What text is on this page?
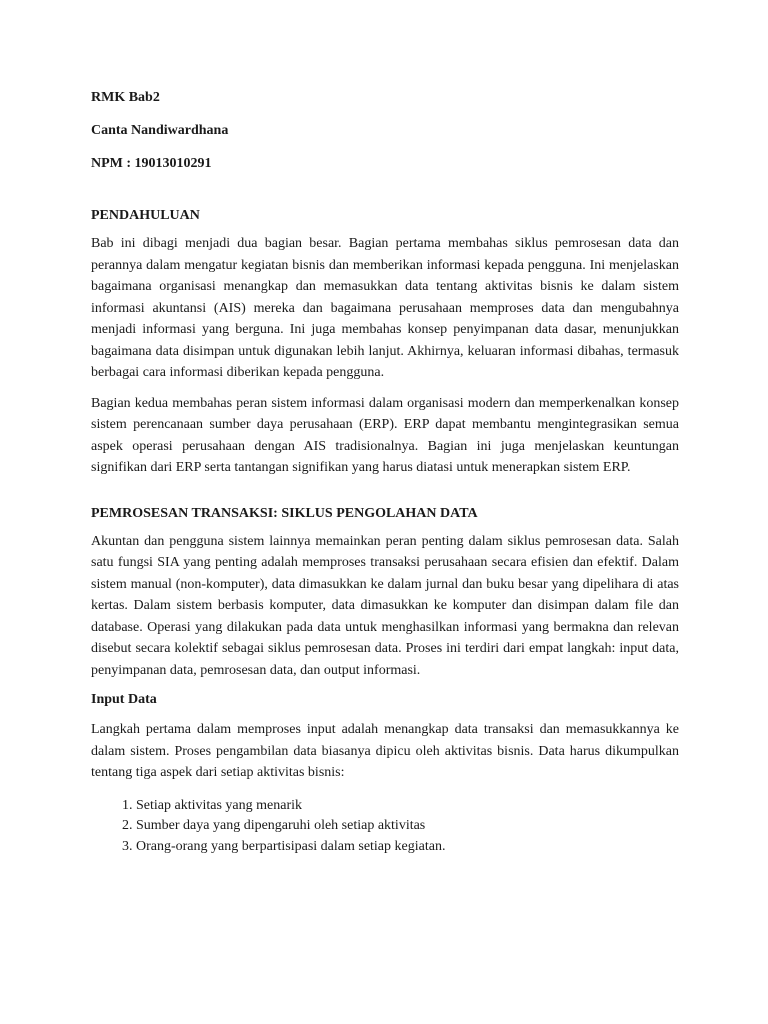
RMK Bab2

Canta Nandiwardhana

NPM : 19013010291

PENDAHULUAN

Bab ini dibagi menjadi dua bagian besar. Bagian pertama membahas siklus pemrosesan data dan perannya dalam mengatur kegiatan bisnis dan memberikan informasi kepada pengguna. Ini menjelaskan bagaimana organisasi menangkap dan memasukkan data tentang aktivitas bisnis ke dalam sistem informasi akuntansi (AIS) mereka dan bagaimana perusahaan memproses data dan mengubahnya menjadi informasi yang berguna. Ini juga membahas konsep penyimpanan data dasar, menunjukkan bagaimana data disimpan untuk digunakan lebih lanjut. Akhirnya, keluaran informasi dibahas, termasuk berbagai cara informasi diberikan kepada pengguna.

Bagian kedua membahas peran sistem informasi dalam organisasi modern dan memperkenalkan konsep sistem perencanaan sumber daya perusahaan (ERP). ERP dapat membantu mengintegrasikan semua aspek operasi perusahaan dengan AIS tradisionalnya. Bagian ini juga menjelaskan keuntungan signifikan dari ERP serta tantangan signifikan yang harus diatasi untuk menerapkan sistem ERP.

PEMROSESAN TRANSAKSI: SIKLUS PENGOLAHAN DATA

Akuntan dan pengguna sistem lainnya memainkan peran penting dalam siklus pemrosesan data. Salah satu fungsi SIA yang penting adalah memproses transaksi perusahaan secara efisien dan efektif. Dalam sistem manual (non-komputer), data dimasukkan ke dalam jurnal dan buku besar yang dipelihara di atas kertas. Dalam sistem berbasis komputer, data dimasukkan ke komputer dan disimpan dalam file dan database. Operasi yang dilakukan pada data untuk menghasilkan informasi yang bermakna dan relevan disebut secara kolektif sebagai siklus pemrosesan data. Proses ini terdiri dari empat langkah: input data, penyimpanan data, pemrosesan data, dan output informasi.

Input Data

Langkah pertama dalam memproses input adalah menangkap data transaksi dan memasukkannya ke dalam sistem. Proses pengambilan data biasanya dipicu oleh aktivitas bisnis. Data harus dikumpulkan tentang tiga aspek dari setiap aktivitas bisnis:

1. Setiap aktivitas yang menarik
2. Sumber daya yang dipengaruhi oleh setiap aktivitas
3. Orang-orang yang berpartisipasi dalam setiap kegiatan.
